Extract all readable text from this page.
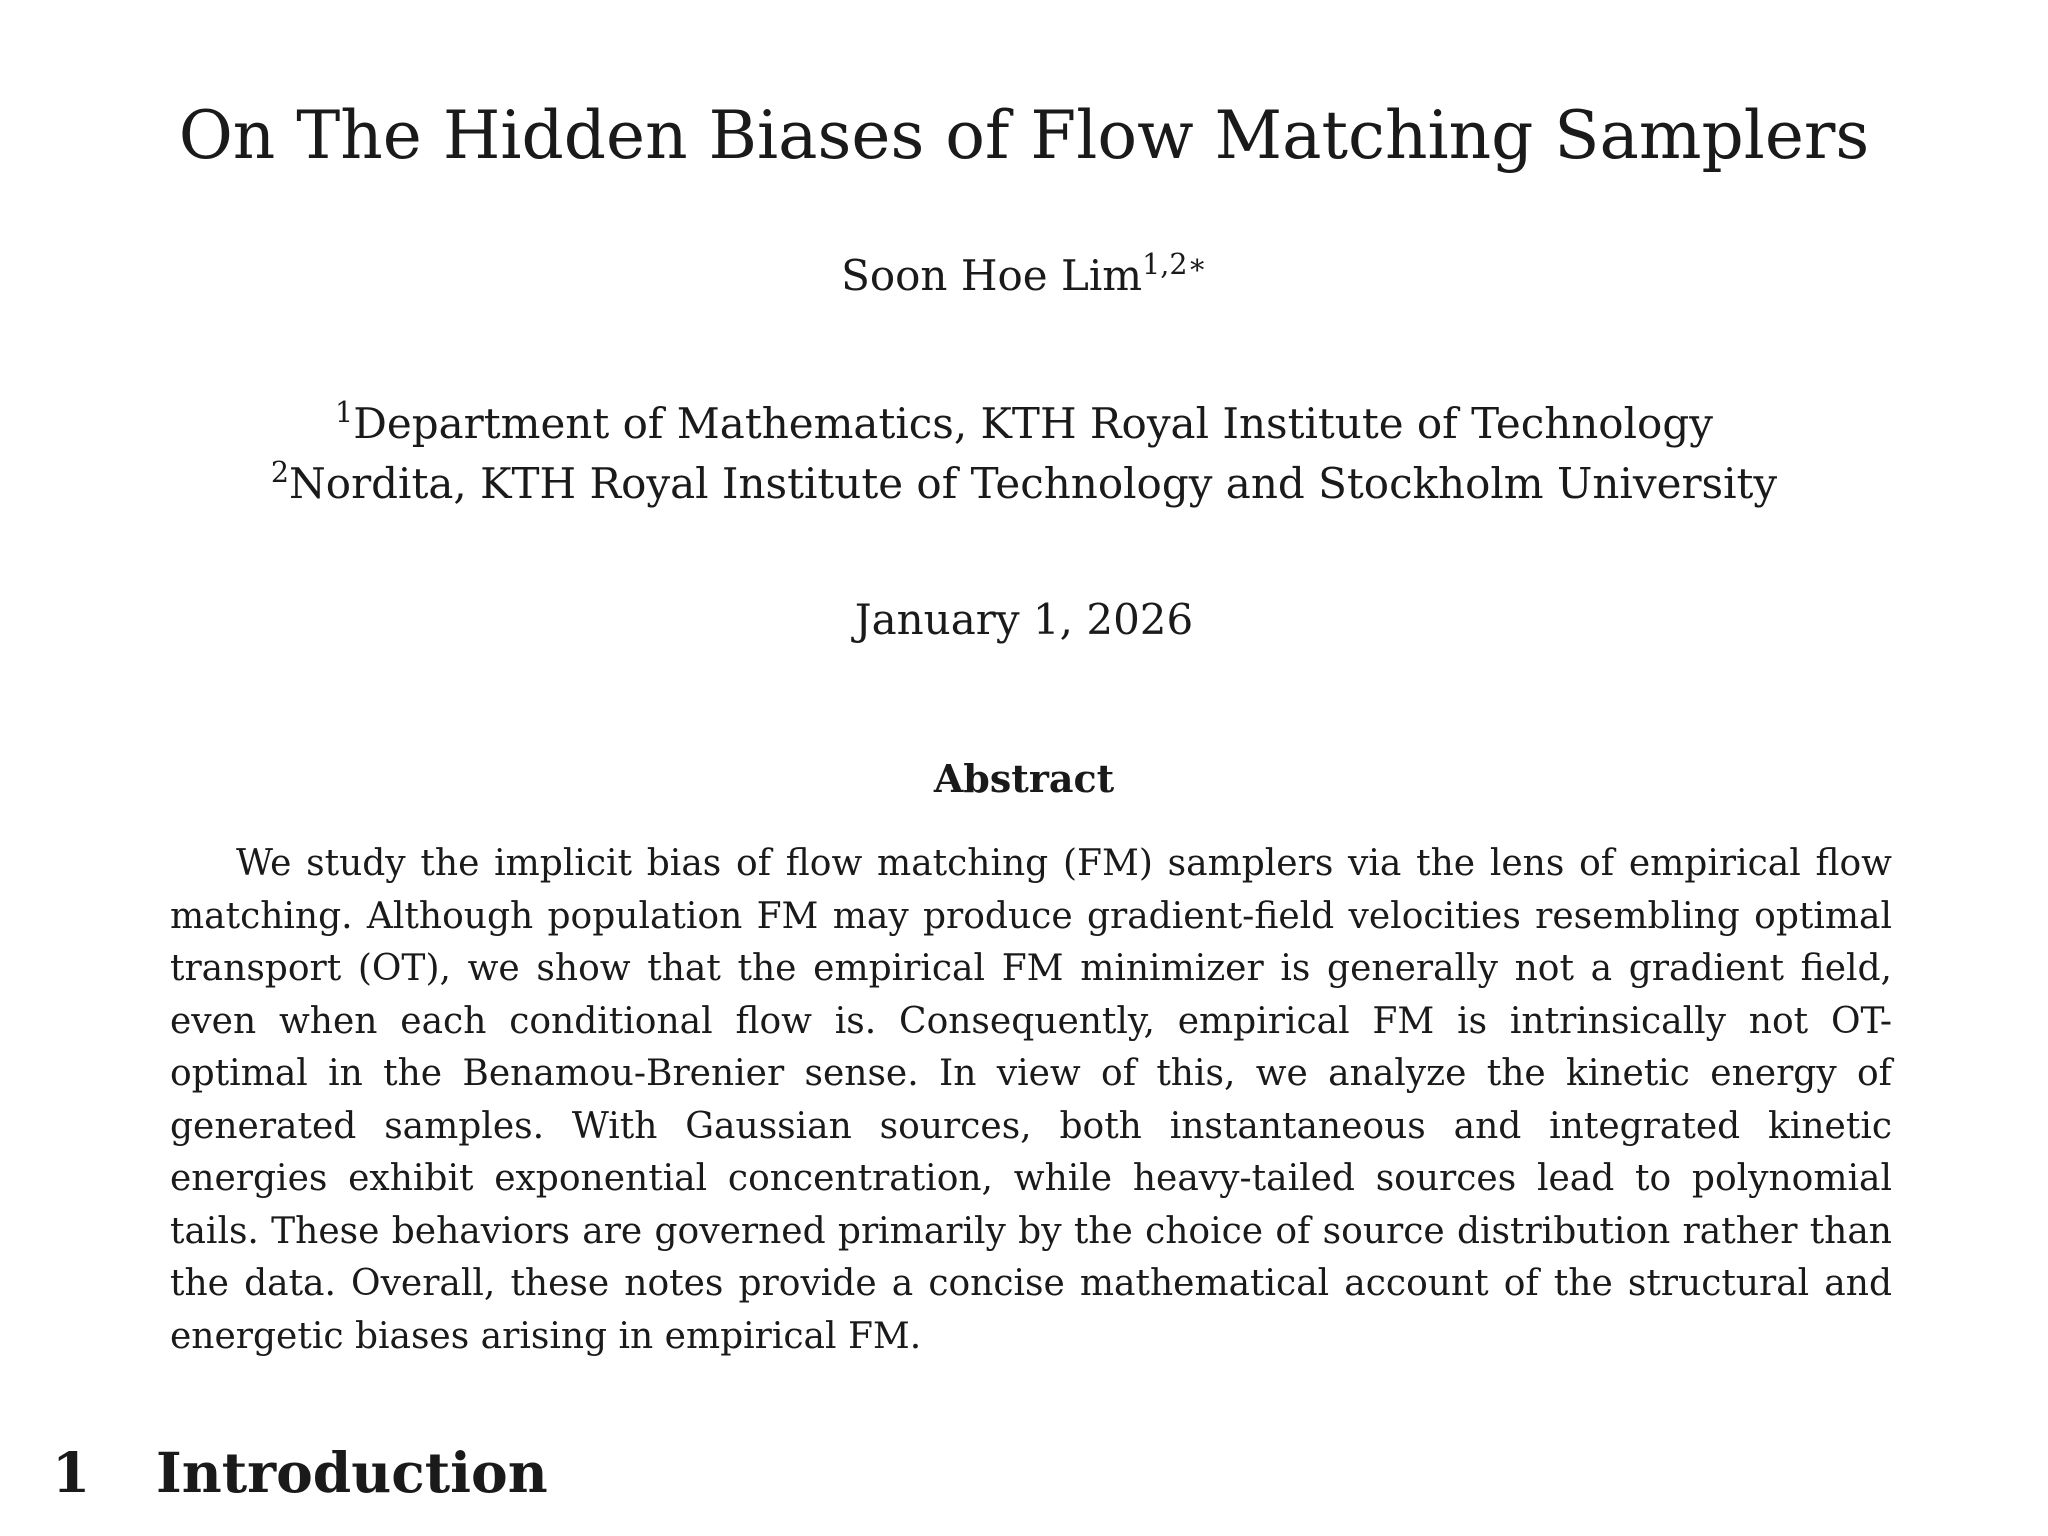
On The Hidden Biases of Flow Matching Samplers
Soon Hoe Lim$^{1,2∗}$
$^1$Department of Mathematics, KTH Royal Institute of Technology
$^2$Nordita, KTH Royal Institute of Technology and Stockholm University
January 1, 2026
Abstract

We study the implicit bias of flow matching (FM) samplers via the lens of empirical flow matching. Although population FM may produce gradient-field velocities resembling optimal transport (OT), we show that the empirical FM minimizer is generally not a gradient field, even when each conditional flow is. Consequently, empirical FM is intrinsically not OT-optimal in the Benamou-Brenier sense. In view of this, we analyze the kinetic energy of generated samples. With Gaussian sources, both instantaneous and integrated kinetic energies exhibit exponential concentration, while heavy-tailed sources lead to polynomial tails. These behaviors are governed primarily by the choice of source distribution rather than the data. Overall, these notes provide a concise mathematical account of the structural and energetic biases arising in empirical FM.

1 Introduction
